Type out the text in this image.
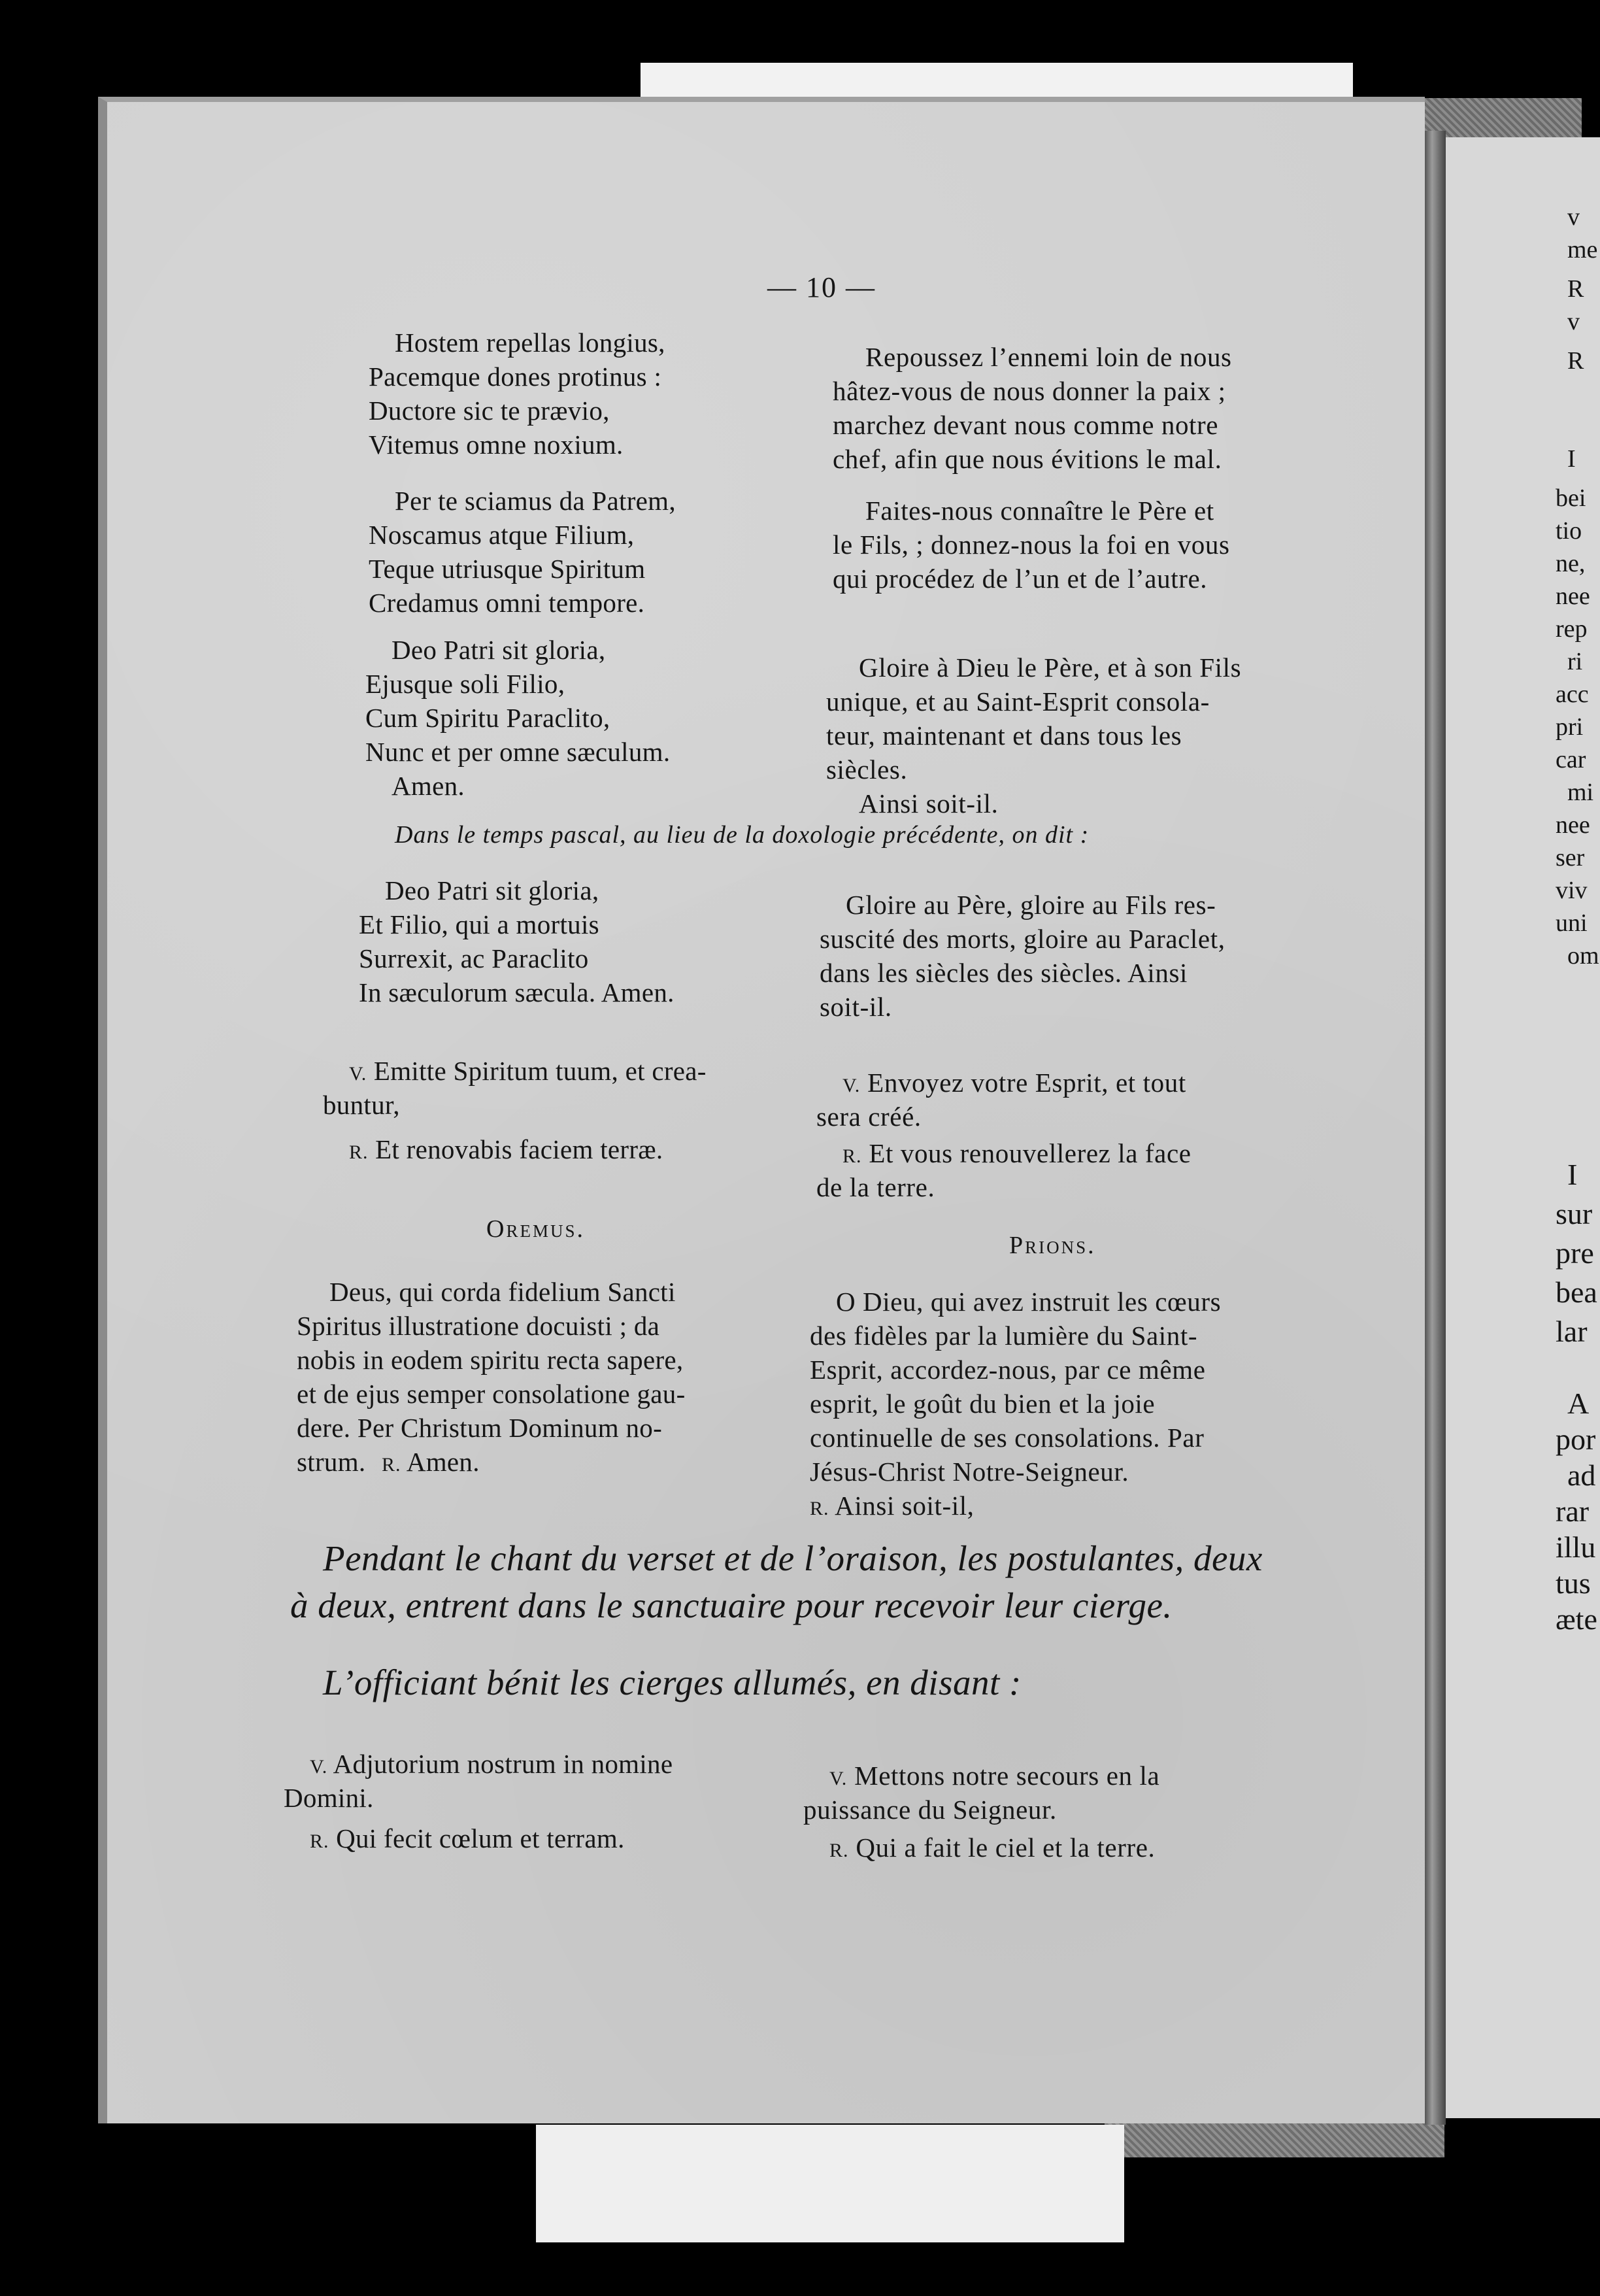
v
me
R
v
R
I
bei
tio
ne,
nee
rep
ri
acc
pri
car
mi
nee
ser
viv
uni
om
I
sur
pre
bea
lar
A
por
ad
rar
illu
tus
æte
— 10 —
Hostem repellas longius,
Pacemque dones protinus :
Ductore sic te prævio,
Vitemus omne noxium.
Repoussez l’ennemi loin de nous
hâtez-vous de nous donner la paix ;
marchez devant nous comme notre
chef, afin que nous évitions le mal.
Per te sciamus da Patrem,
Noscamus atque Filium,
Teque utriusque Spiritum
Credamus omni tempore.
Faites-nous connaître le Père et
le Fils, ; donnez-nous la foi en vous
qui procédez de l’un et de l’autre.
Deo Patri sit gloria,
Ejusque soli Filio,
Cum Spiritu Paraclito,
Nunc et per omne sæculum.
Amen.
Gloire à Dieu le Père, et à son Fils
unique, et au Saint-Esprit consola-
teur, maintenant et dans tous les
siècles.
Ainsi soit-il.
Dans le temps pascal, au lieu de la doxologie précédente, on dit :
Deo Patri sit gloria,
Et Filio, qui a mortuis
Surrexit, ac Paraclito
In sæculorum sæcula. Amen.
Gloire au Père, gloire au Fils res-
suscité des morts, gloire au Paraclet,
dans les siècles des siècles. Ainsi
soit-il.
V. Emitte Spiritum tuum, et crea-
buntur,
R. Et renovabis faciem terræ.
V. Envoyez votre Esprit, et tout
sera créé.
R. Et vous renouvellerez la face
de la terre.
Oremus.
Prions.
Deus, qui corda fidelium Sancti
Spiritus illustratione docuisti ; da
nobis in eodem spiritu recta sapere,
et de ejus semper consolatione gau-
dere. Per Christum Dominum no-
strum. R. Amen.
O Dieu, qui avez instruit les cœurs
des fidèles par la lumière du Saint-
Esprit, accordez-nous, par ce même
esprit, le goût du bien et la joie
continuelle de ses consolations. Par
Jésus-Christ Notre-Seigneur.
R. Ainsi soit-il,
Pendant le chant du verset et de l’oraison, les postulantes, deux
à deux, entrent dans le sanctuaire pour recevoir leur cierge.
L’officiant bénit les cierges allumés, en disant :
V. Adjutorium nostrum in nomine
Domini.
R. Qui fecit cœlum et terram.
V. Mettons notre secours en la
puissance du Seigneur.
R. Qui a fait le ciel et la terre.
